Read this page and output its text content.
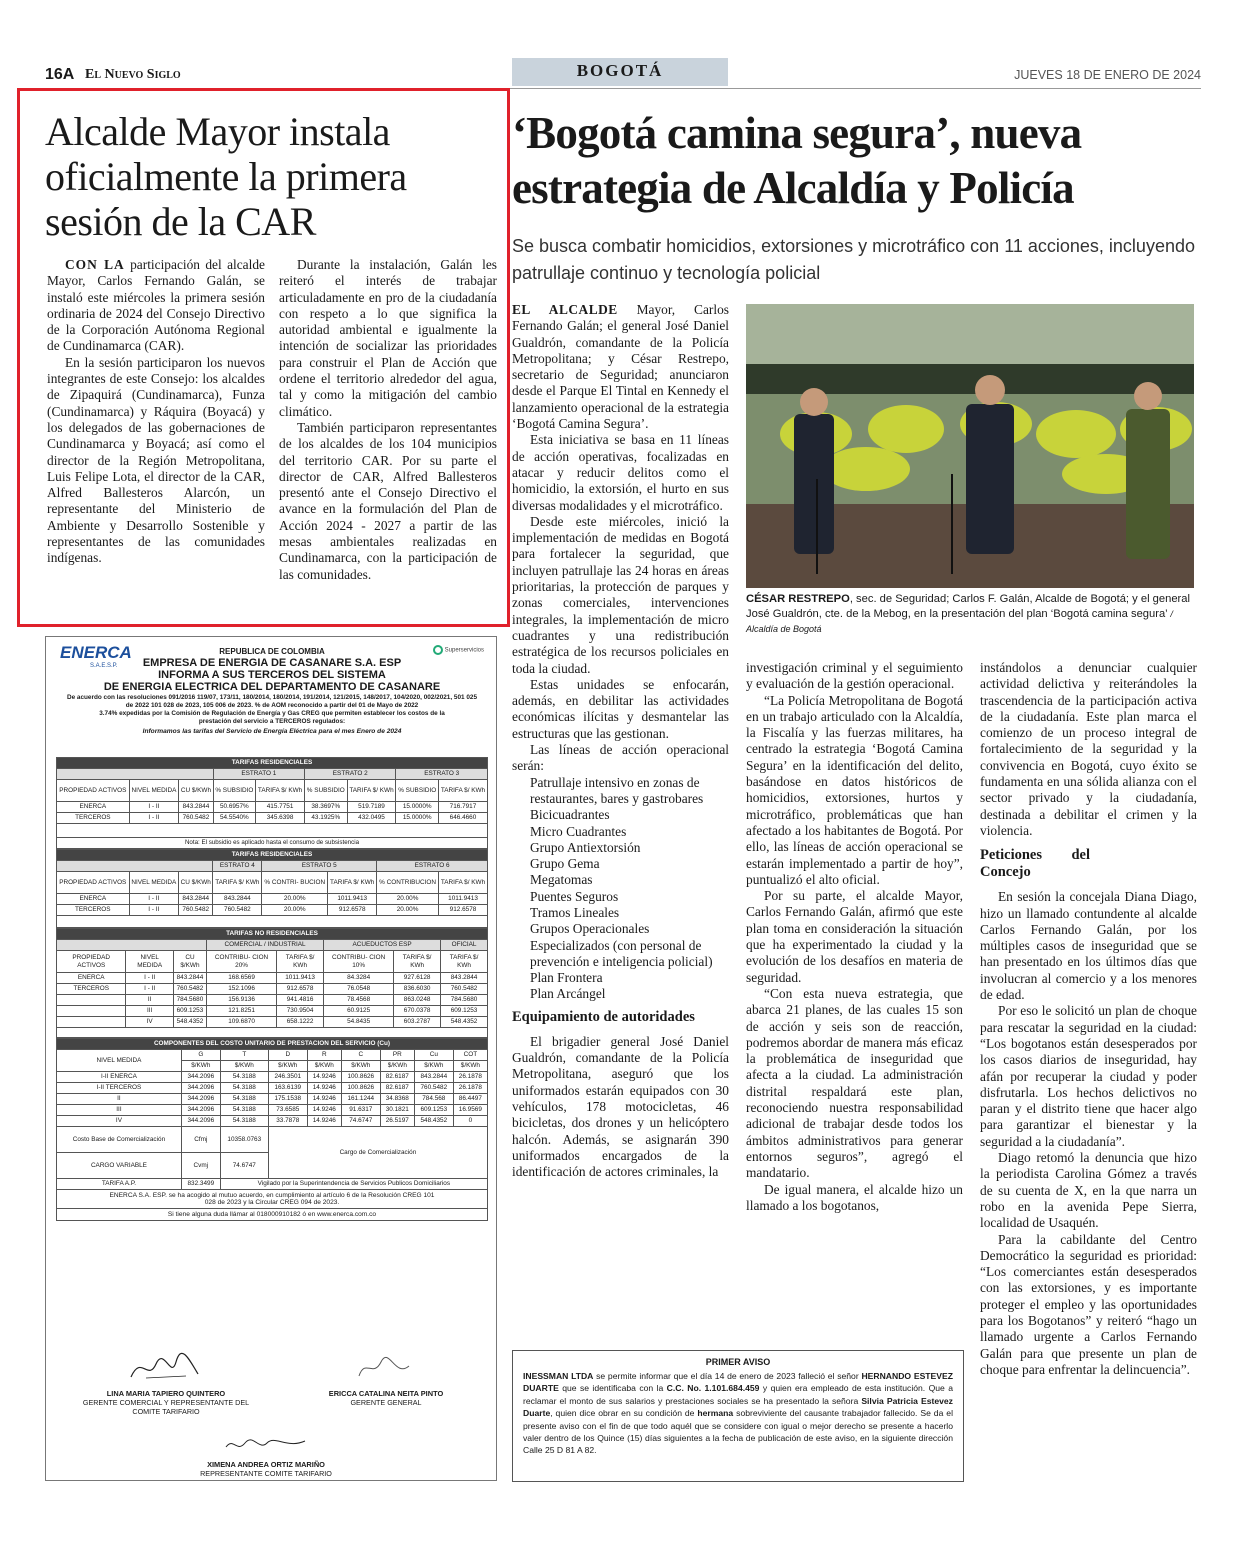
16A El Nuevo Siglo	BOGOTÁ	JUEVES 18 DE ENERO DE 2024
Alcalde Mayor instala oficialmente la primera sesión de la CAR

CON LA participación del alcalde Mayor, Carlos Fernando Galán, se instaló este miércoles la primera sesión ordinaria de 2024 del Consejo Directivo de la Corporación Autónoma Regional de Cundinamarca (CAR).

En la sesión participaron los nuevos integrantes de este Consejo: los alcaldes de Zipaquirá (Cundinamarca), Funza (Cundinamarca) y Ráquira (Boyacá) y los delegados de las gobernaciones de Cundinamarca y Boyacá; así como el director de la Región Metropolitana, Luis Felipe Lota, el director de la CAR, Alfred Ballesteros Alarcón, un representante del Ministerio de Ambiente y Desarrollo Sostenible y representantes de las comunidades indígenas.

Durante la instalación, Galán les reiteró el interés de trabajar articuladamente en pro de la ciudadanía con respeto a lo que significa la autoridad ambiental e igualmente la intención de socializar las prioridades para construir el Plan de Acción que ordene el territorio alrededor del agua, tal y como la mitigación del cambio climático.

También participaron representantes de los alcaldes de los 104 municipios del territorio CAR. Por su parte el director de CAR, Alfred Ballesteros presentó ante el Consejo Directivo el avance en la formulación del Plan de Acción 2024 - 2027 a partir de las mesas ambientales realizadas en Cundinamarca, con la participación de las comunidades.

ENERCA
S.A.E.S.P.
Superservicios
REPUBLICA DE COLOMBIA
EMPRESA DE ENERGIA DE CASANARE S.A. ESP
INFORMA A SUS TERCEROS DEL SISTEMA
DE ENERGIA ELECTRICA DEL DEPARTAMENTO DE CASANARE
De acuerdo con las resoluciones 091/2016 119/07, 173/11, 180/2014, 180/2014, 191/2014, 121/2015, 148/2017, 104/2020, 002/2021, 501 025 de 2022 101 028 de 2023, 105 006 de 2023. % de AOM reconocido a partir del 01 de Mayo de 2022
3.74% expedidas por la Comisión de Regulación de Energía y Gas CREG que permiten establecer los costos de la prestación del servicio a TERCEROS regulados:
Informamos las tarifas del Servicio de Energía Eléctrica para el mes Enero de 2024
TARIFAS RESIDENCIALES								
			ESTRATO 1		ESTRATO 2		ESTRATO 3	
PROPIEDAD ACTIVOS	NIVEL MEDIDA	CU $/KWh	% SUBSIDIO	TARIFA $/ KWh	% SUBSIDIO	TARIFA $/ KWh	% SUBSIDIO	TARIFA $/ KWh
ENERCA	I - II	843.2844	50.6957%	415.7751	38.3697%	519.7189	15.0000%	716.7917
TERCEROS	I - II	760.5482	54.5540%	345.6398	43.1925%	432.0495	15.0000%	646.4660

Nota: El subsidio es aplicado hasta el consumo de subsistencia								
TARIFAS RESIDENCIALES							
			ESTRATO 4	ESTRATO 5		ESTRATO 6	
PROPIEDAD ACTIVOS	NIVEL MEDIDA	CU $/KWh	TARIFA $/ KWh	% CONTRI- BUCION	TARIFA $/ KWh	% CONTRIBUCION	TARIFA $/ KWh
ENERCA	I - II	843.2844	843.2844	20.00%	1011.9413	20.00%	1011.9413
TERCEROS	I - II	760.5482	760.5482	20.00%	912.6578	20.00%	912.6578

TARIFAS NO RESIDENCIALES							
			COMERCIAL / INDUSTRIAL		ACUEDUCTOS ESP		OFICIAL
PROPIEDAD ACTIVOS	NIVEL MEDIDA	CU $/KWh	CONTRIBU- CION 20%	TARIFA $/ KWh	CONTRIBU- CION 10%	TARIFA $/ KWh	TARIFA $/ KWh
ENERCA	I - II	843.2844	168.6569	1011.9413	84.3284	927.6128	843.2844
TERCEROS	I - II	760.5482	152.1096	912.6578	76.0548	836.6030	760.5482
	II	784.5680	156.9136	941.4816	78.4568	863.0248	784.5680
	III	609.1253	121.8251	730.9504	60.9125	670.0378	609.1253
	IV	548.4352	109.6870	658.1222	54.8435	603.2787	548.4352

COMPONENTES DEL COSTO UNITARIO DE PRESTACION DEL SERVICIO (Cu)								
NIVEL MEDIDA	G	T	D	R	C	PR	Cu	COT
	$/KWh	$/KWh	$/KWh	$/KWh	$/KWh	$/KWh	$/KWh	$/KWh
I-II ENERCA	344.2096	54.3188	246.3501	14.9246	100.8626	82.6187	843.2844	26.1878
I-II TERCEROS	344.2096	54.3188	163.6139	14.9246	100.8626	82.6187	760.5482	26.1878
II	344.2096	54.3188	175.1538	14.9246	161.1244	34.8368	784.568	86.4497
III	344.2096	54.3188	73.6585	14.9246	91.6317	30.1821	609.1253	16.9569
IV	344.2096	54.3188	33.7878	14.9246	74.6747	26.5197	548.4352	0
Costo Base de Comercialización	Cfmj	10358.0763	Cargo de Comercialización					
CARGO VARIABLE	Cvmj	74.6747						
TARIFA A.P.	832.3499	Vigilado por la Superintendencia de Servicios Publicos Domiciliarios						
ENERCA S.A. ESP. se ha acogido al mutuo acuerdo, en cumplimiento al artículo 6 de la Resolución CREG 101 028 de 2023 y la Circular CREG 094 de 2023.
Si tiene alguna duda llámar al 018000910182 ó en www.enerca.com.co
LINA MARIA TAPIERO QUINTERO
GERENTE COMERCIAL Y REPRESENTANTE DEL COMITE TARIFARIO
ERICCA CATALINA NEITA PINTO
GERENTE GENERAL
XIMENA ANDREA ORTIZ MARIÑO
REPRESENTANTE COMITE TARIFARIO
‘Bogotá camina segura’, nueva estrategia de Alcaldía y Policía
Se busca combatir homicidios, extorsiones y microtráfico con 11 acciones, incluyendo patrullaje continuo y tecnología policial
CÉSAR RESTREPO, sec. de Seguridad; Carlos F. Galán, Alcalde de Bogotá; y el general José Gualdrón, cte. de la Mebog, en la presentación del plan ‘Bogotá camina segura’ / Alcaldía de Bogotá

EL ALCALDE Mayor, Carlos Fernando Galán; el general José Daniel Gualdrón, comandante de la Policía Metropolitana; y César Restrepo, secretario de Seguridad; anunciaron desde el Parque El Tintal en Kennedy el lanzamiento operacional de la estrategia ‘Bogotá Camina Segura’.

Esta iniciativa se basa en 11 líneas de acción operativas, focalizadas en atacar y reducir delitos como el homicidio, la extorsión, el hurto en sus diversas modalidades y el microtráfico.

Desde este miércoles, inició la implementación de medidas en Bogotá para fortalecer la seguridad, que incluyen patrullaje las 24 horas en áreas prioritarias, la protección de parques y zonas comerciales, intervenciones integrales, la implementación de micro cuadrantes y una redistribución estratégica de los recursos policiales en toda la ciudad.

Estas unidades se enfocarán, además, en debilitar las actividades económicas ilícitas y desmantelar las estructuras que las gestionan.

Las líneas de acción operacional serán:

Patrullaje intensivo en zonas de restaurantes, bares y gastrobares
Bicicuadrantes
Micro Cuadrantes
Grupo Antiextorsión
Grupo Gema
Megatomas
Puentes Seguros
Tramos Lineales
Grupos Operacionales Especializados (con personal de prevención e inteligencia policial)
Plan Frontera
Plan Arcángel
Equipamiento de autoridades

El brigadier general José Daniel Gualdrón, comandante de la Policía Metropolitana, aseguró que los uniformados estarán equipados con 30 vehículos, 178 motocicletas, 46 bicicletas, dos drones y un helicóptero halcón. Además, se asignarán 390 uniformados encargados de la identificación de actores criminales, la

investigación criminal y el seguimiento y evaluación de la gestión operacional.

“La Policía Metropolitana de Bogotá en un trabajo articulado con la Alcaldía, la Fiscalía y las fuerzas militares, ha centrado la estrategia ‘Bogotá Camina Segura’ en la identificación del delito, basándose en datos históricos de homicidios, extorsiones, hurtos y microtráfico, problemáticas que han afectado a los habitantes de Bogotá. Por ello, las líneas de acción operacional se estarán implementado a partir de hoy”, puntualizó el alto oficial.

Por su parte, el alcalde Mayor, Carlos Fernando Galán, afirmó que este plan toma en consideración la situación que ha experimentado la ciudad y la evolución de los desafíos en materia de seguridad.

“Con esta nueva estrategia, que abarca 21 planes, de las cuales 15 son de acción y seis son de reacción, podremos abordar de manera más eficaz la problemática de inseguridad que afecta a la ciudad. La administración distrital respaldará este plan, reconociendo nuestra responsabilidad adicional de trabajar desde todos los ámbitos administrativos para generar entornos seguros”, agregó el mandatario.

De igual manera, el alcalde hizo un llamado a los bogotanos,

instándolos a denunciar cualquier actividad delictiva y reiterándoles la trascendencia de la participación activa de la ciudadanía. Este plan marca el comienzo de un proceso integral de fortalecimiento de la seguridad y la convivencia en Bogotá, cuyo éxito se fundamenta en una sólida alianza con el sector privado y la ciudadanía, destinada a debilitar el crimen y la violencia.

Peticiones del Concejo

En sesión la concejala Diana Diago, hizo un llamado contundente al alcalde Carlos Fernando Galán, por los múltiples casos de inseguridad que se han presentado en los últimos días que involucran al comercio y a los menores de edad.

Por eso le solicitó un plan de choque para rescatar la seguridad en la ciudad: “Los bogotanos están desesperados por los casos diarios de inseguridad, hay afán por recuperar la ciudad y poder disfrutarla. Los hechos delictivos no paran y el distrito tiene que hacer algo para garantizar el bienestar y la seguridad a la ciudadanía”.

Diago retomó la denuncia que hizo la periodista Carolina Gómez a través de su cuenta de X, en la que narra un robo en la avenida Pepe Sierra, localidad de Usaquén.

Para la cabildante del Centro Democrático la seguridad es prioridad: “Los comerciantes están desesperados con las extorsiones, y es importante proteger el empleo y las oportunidades para los Bogotanos” y reiteró “hago un llamado urgente a Carlos Fernando Galán para que presente un plan de choque para enfrentar la delincuencia”.

PRIMER AVISO
INESSMAN LTDA se permite informar que el día 14 de enero de 2023 falleció el señor HERNANDO ESTEVEZ DUARTE que se identificaba con la C.C. No. 1.101.684.459 y quien era empleado de esta institución. Que a reclamar el monto de sus salarios y prestaciones sociales se ha presentado la señora Silvia Patricia Estevez Duarte, quien dice obrar en su condición de hermana sobreviviente del causante trabajador fallecido. Se da el presente aviso con el fin de que todo aquél que se considere con igual o mejor derecho se presente a hacerlo valer dentro de los Quince (15) días siguientes a la fecha de publicación de este aviso, en la siguiente dirección Calle 25 D 81 A 82.
